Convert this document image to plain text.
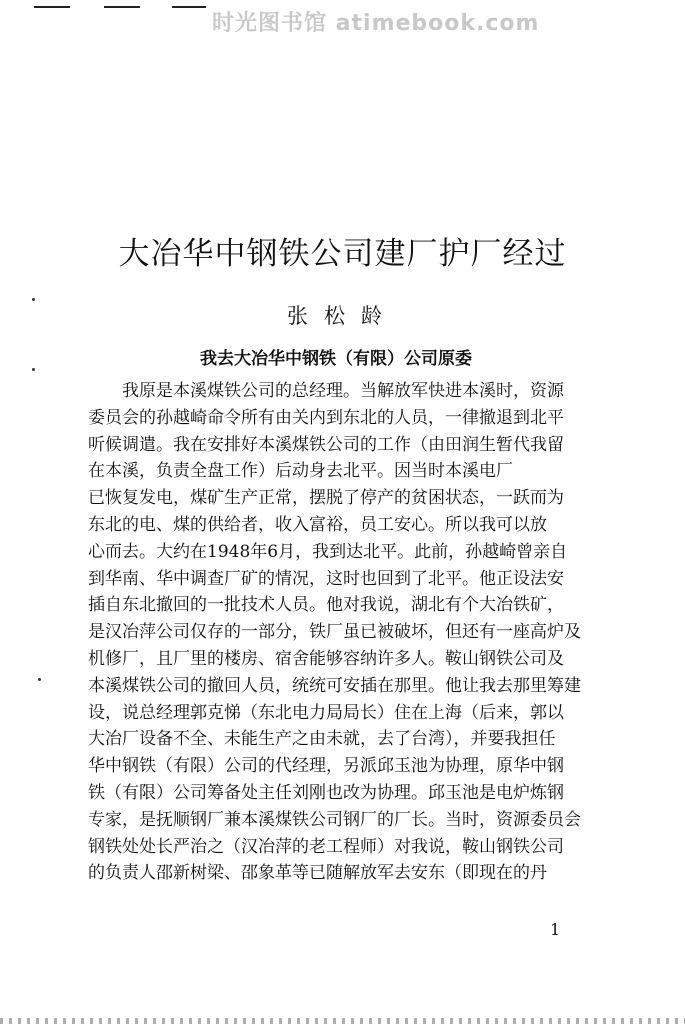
时光图书馆 atimebook.com
大冶华中钢铁公司建厂护厂经过
张松龄
我去大冶华中钢铁（有限）公司原委
　　我原是本溪煤铁公司的总经理。当解放军快进本溪时，资源
委员会的孙越崎命令所有由关内到东北的人员，一律撤退到北平
听候调遣。我在安排好本溪煤铁公司的工作（由田润生暂代我留
在本溪，负责全盘工作）后动身去北平。因当时本溪电厂
已恢复发电，煤矿生产正常，摆脱了停产的贫困状态，一跃而为
东北的电、煤的供给者，收入富裕，员工安心。所以我可以放
心而去。大约在1948年6月，我到达北平。此前，孙越崎曾亲自
到华南、华中调查厂矿的情况，这时也回到了北平。他正设法安
插自东北撤回的一批技术人员。他对我说，湖北有个大冶铁矿，
是汉冶萍公司仅存的一部分，铁厂虽已被破坏，但还有一座高炉及
机修厂，且厂里的楼房、宿舍能够容纳许多人。鞍山钢铁公司及
本溪煤铁公司的撤回人员，统统可安插在那里。他让我去那里筹建
设，说总经理郭克悌（东北电力局局长）住在上海（后来，郭以
大冶厂设备不全、未能生产之由未就，去了台湾），并要我担任
华中钢铁（有限）公司的代经理，另派邱玉池为协理，原华中钢
铁（有限）公司筹备处主任刘刚也改为协理。邱玉池是电炉炼钢
专家，是抚顺钢厂兼本溪煤铁公司钢厂的厂长。当时，资源委员会
钢铁处处长严治之（汉冶萍的老工程师）对我说，鞍山钢铁公司
的负责人邵新树梁、邵象革等已随解放军去安东（即现在的丹
1
